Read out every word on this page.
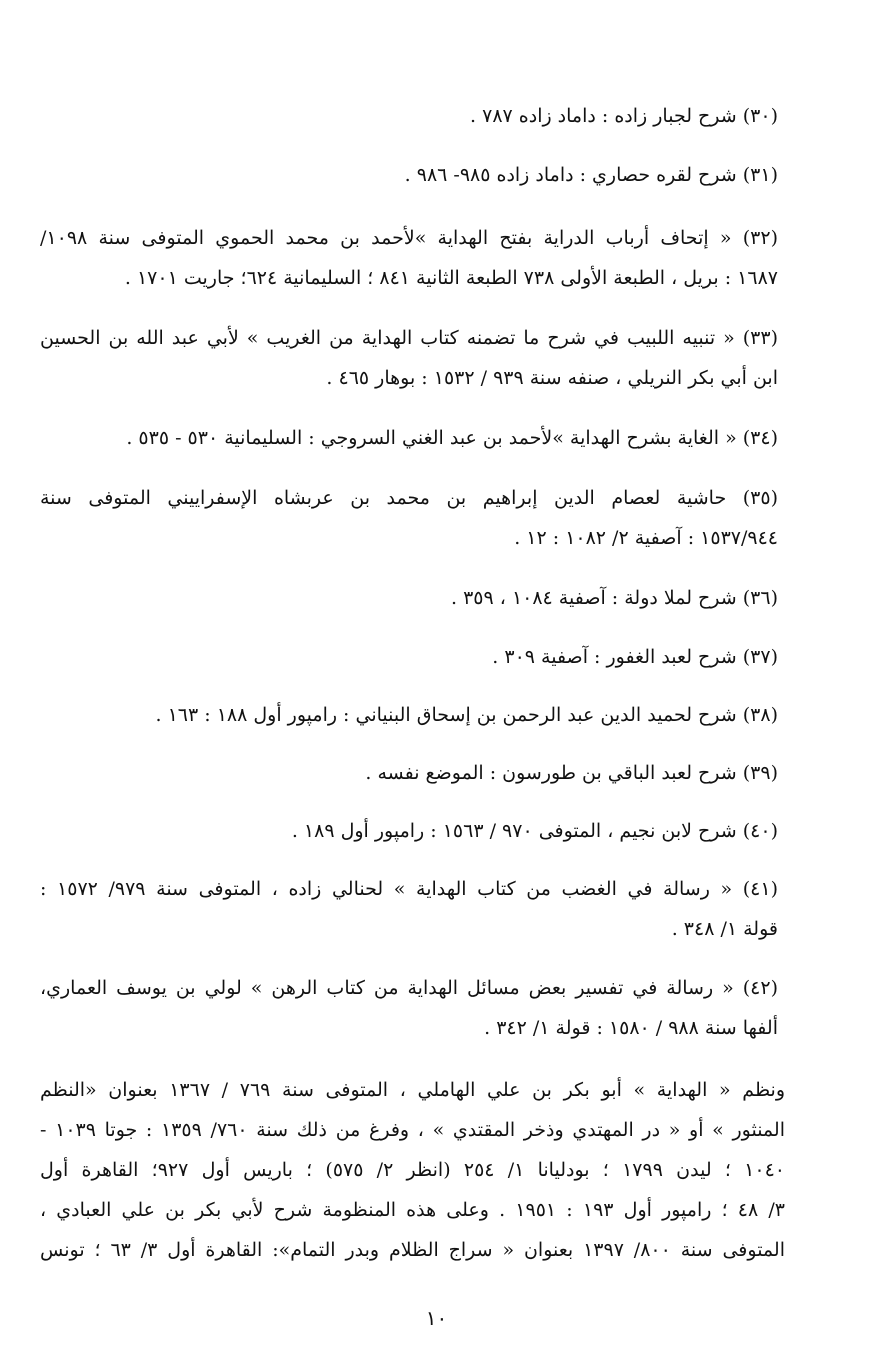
(٣٠) شرح لجبار زاده : داماد زاده ٧٨٧ .
(٣١) شرح لقره حصاري : داماد زاده ٩٨٥- ٩٨٦ .
(٣٢) « إتحاف أرباب الدراية بفتح الهداية »لأحمد بن محمد الحموي المتوفى سنة ١٠٩٨/
١٦٨٧ : بريل ، الطبعة الأولى ٧٣٨ الطبعة الثانية ٨٤١ ؛ السليمانية ٦٢٤؛ جاريت ١٧٠١ .
(٣٣) « تنبيه اللبيب في شرح ما تضمنه كتاب الهداية من الغريب » لأبي عبد الله بن الحسين
ابن أبي بكر النريلي ، صنفه سنة ٩٣٩ / ١٥٣٢ : بوهار ٤٦٥ .
(٣٤) « الغاية بشرح الهداية »لأحمد بن عبد الغني السروجي : السليمانية ٥٣٠ - ٥٣٥ .
(٣٥) حاشية لعصام الدين إبراهيم بن محمد بن عربشاه الإسفراييني المتوفى سنة
١٥٣٧/٩٤٤ : آصفية ٢/ ١٠٨٢ : ١٢ .
(٣٦) شرح لملا دولة : آصفية ١٠٨٤ ، ٣٥٩ .
(٣٧) شرح لعبد الغفور : آصفية ٣٠٩ .
(٣٨) شرح لحميد الدين عبد الرحمن بن إسحاق البنياني : رامپور أول ١٨٨ : ١٦٣ .
(٣٩) شرح لعبد الباقي بن طورسون : الموضع نفسه .
(٤٠) شرح لابن نجيم ، المتوفى ٩٧٠ / ١٥٦٣ : رامپور أول ١٨٩ .
(٤١) « رسالة في الغضب من كتاب الهداية » لحنالي زاده ، المتوفى سنة ٩٧٩/ ١٥٧٢ :
قولة ١/ ٣٤٨ .
(٤٢) « رسالة في تفسير بعض مسائل الهداية من كتاب الرهن » لولي بن يوسف العماري،
ألفها سنة ٩٨٨ / ١٥٨٠ : قولة ١/ ٣٤٢ .
ونظم « الهداية » أبو بكر بن علي الهاملي ، المتوفى سنة ٧٦٩ / ١٣٦٧ بعنوان «النظم
المنثور » أو « در المهتدي وذخر المقتدي » ، وفرغ من ذلك سنة ٧٦٠/ ١٣٥٩ : جوتا ١٠٣٩ -
١٠٤٠ ؛ ليدن ١٧٩٩ ؛ بودليانا ١/ ٢٥٤ (انظر ٢/ ٥٧٥) ؛ باريس أول ٩٢٧؛ القاهرة أول
٣/ ٤٨ ؛ رامپور أول ١٩٣ : ١٩٥١ . وعلى هذه المنظومة شرح لأبي بكر بن علي العبادي ،
المتوفى سنة ٨٠٠/ ١٣٩٧ بعنوان « سراج الظلام وبدر التمام»: القاهرة أول ٣/ ٦٣ ؛ تونس
١٠
